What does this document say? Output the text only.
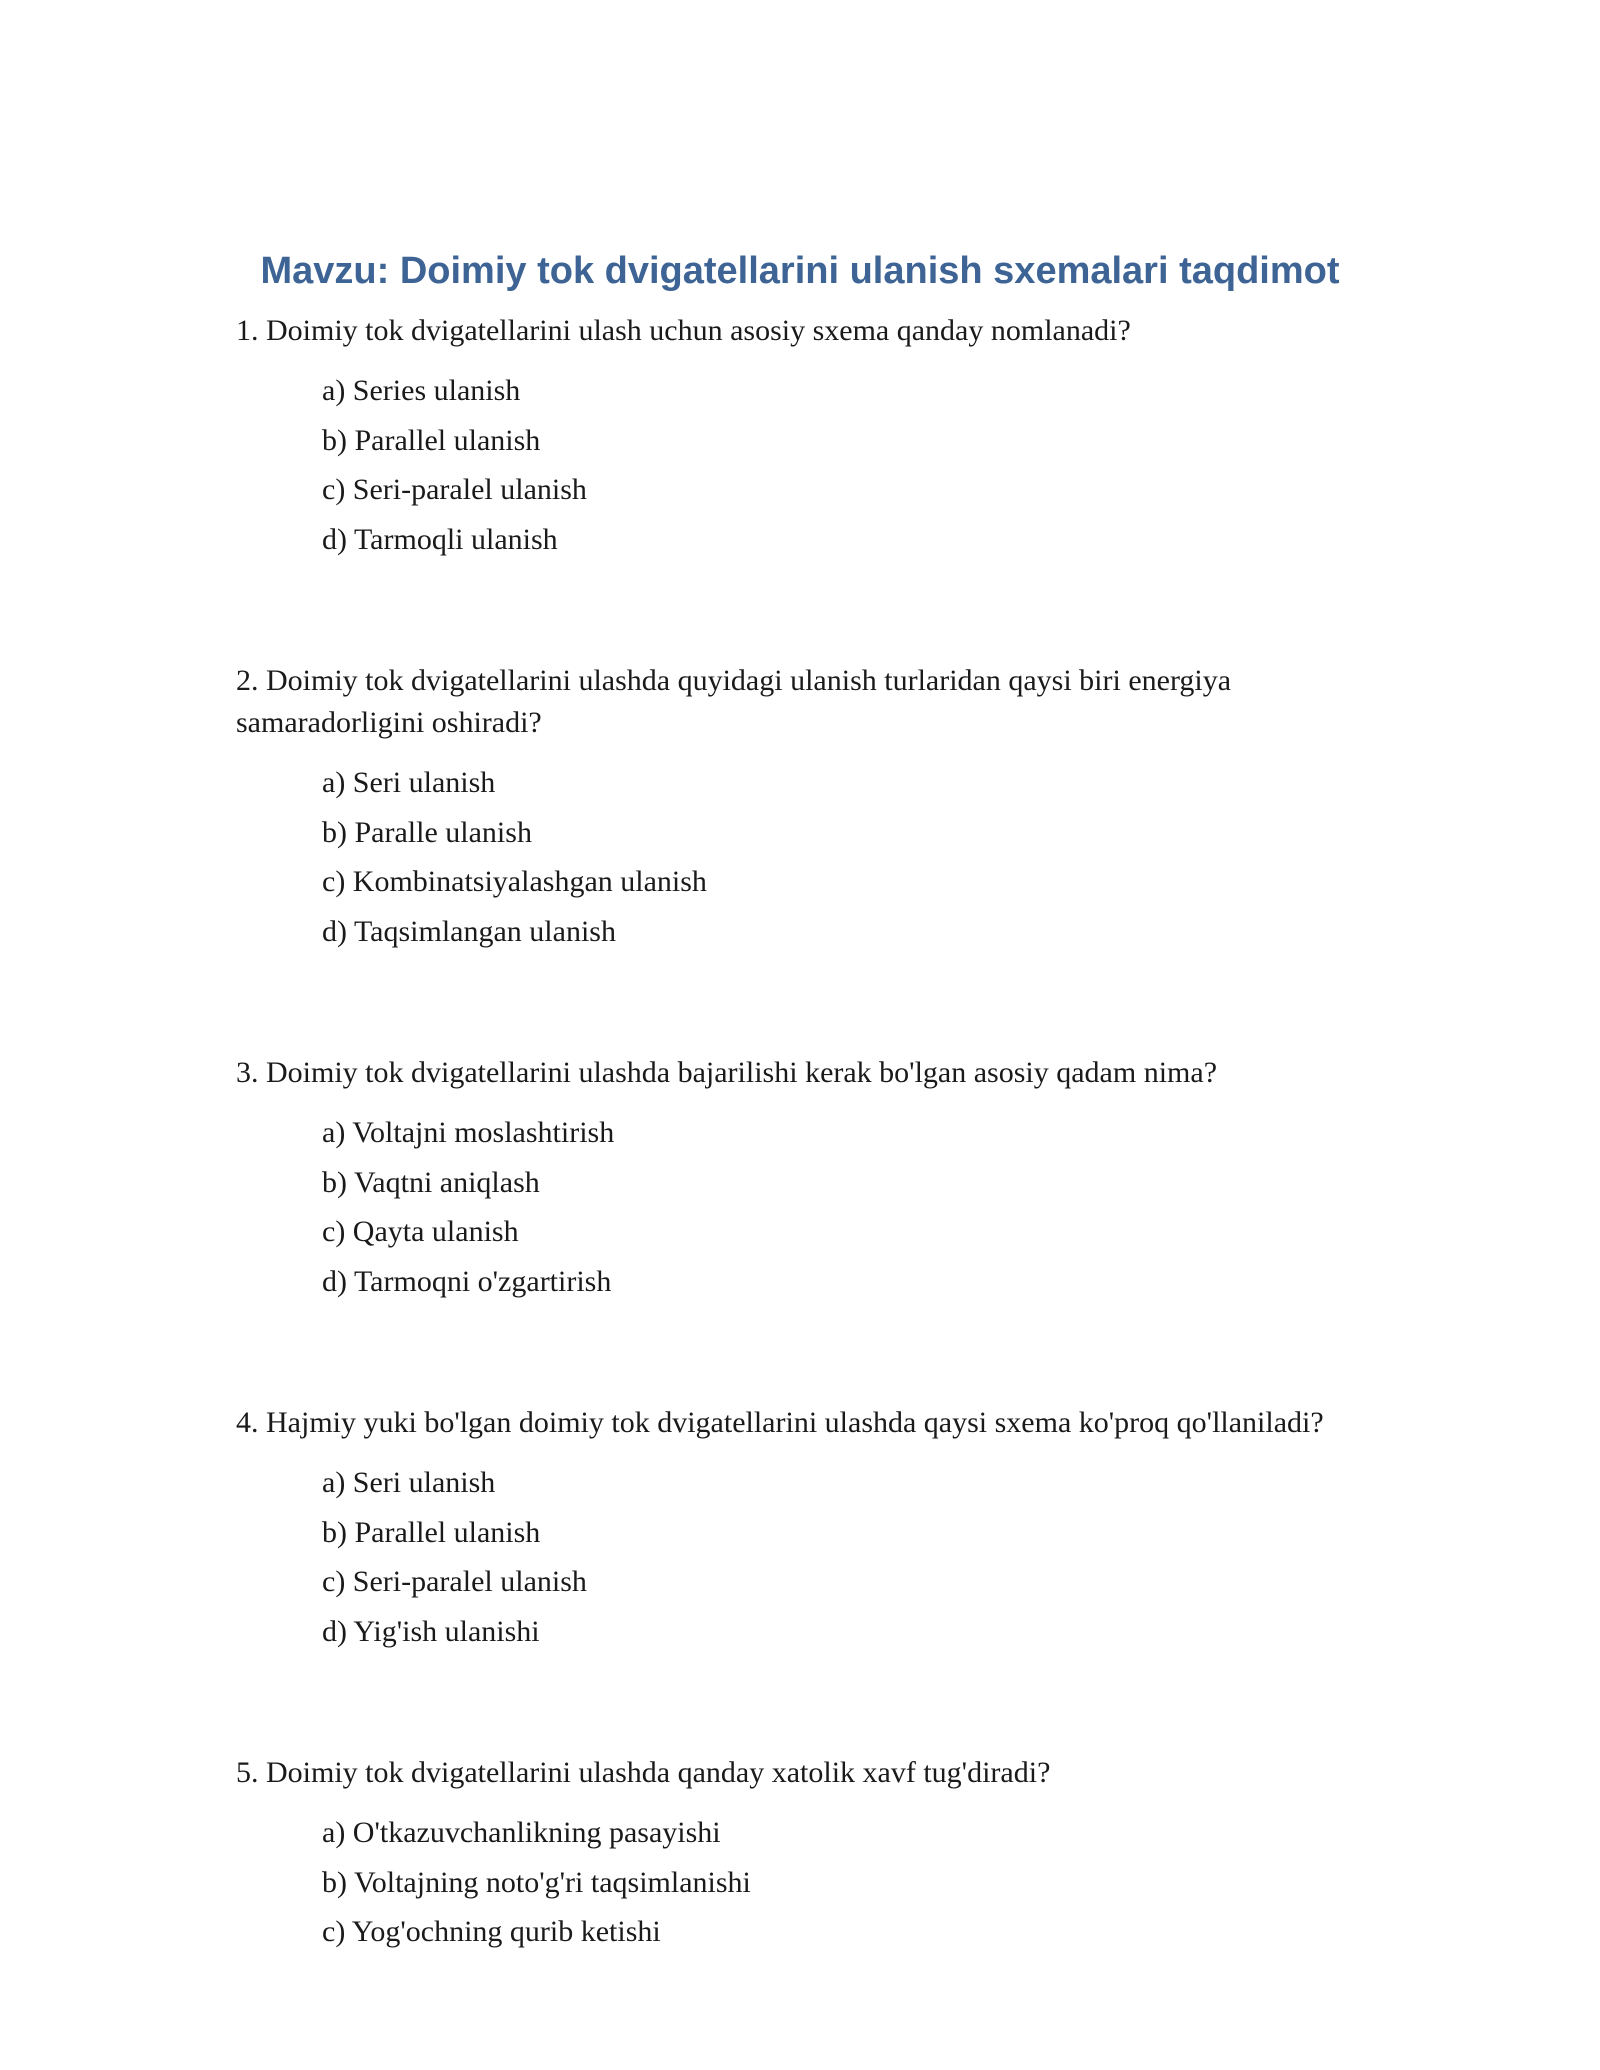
Mavzu: Doimiy tok dvigatellarini ulanish sxemalari taqdimot
1. Doimiy tok dvigatellarini ulash uchun asosiy sxema qanday nomlanadi?
a) Series ulanish
b) Parallel ulanish
c) Seri-paralel ulanish
d) Tarmoqli ulanish
2. Doimiy tok dvigatellarini ulashda quyidagi ulanish turlaridan qaysi biri energiya samaradorligini oshiradi?
a) Seri ulanish
b) Paralle ulanish
c) Kombinatsiyalashgan ulanish
d) Taqsimlangan ulanish
3. Doimiy tok dvigatellarini ulashda bajarilishi kerak bo'lgan asosiy qadam nima?
a) Voltajni moslashtirish
b) Vaqtni aniqlash
c) Qayta ulanish
d) Tarmoqni o'zgartirish
4. Hajmiy yuki bo'lgan doimiy tok dvigatellarini ulashda qaysi sxema ko'proq qo'llaniladi?
a) Seri ulanish
b) Parallel ulanish
c) Seri-paralel ulanish
d) Yig'ish ulanishi
5. Doimiy tok dvigatellarini ulashda qanday xatolik xavf tug'diradi?
a) O'tkazuvchanlikning pasayishi
b) Voltajning noto'g'ri taqsimlanishi
c) Yog'ochning qurib ketishi
